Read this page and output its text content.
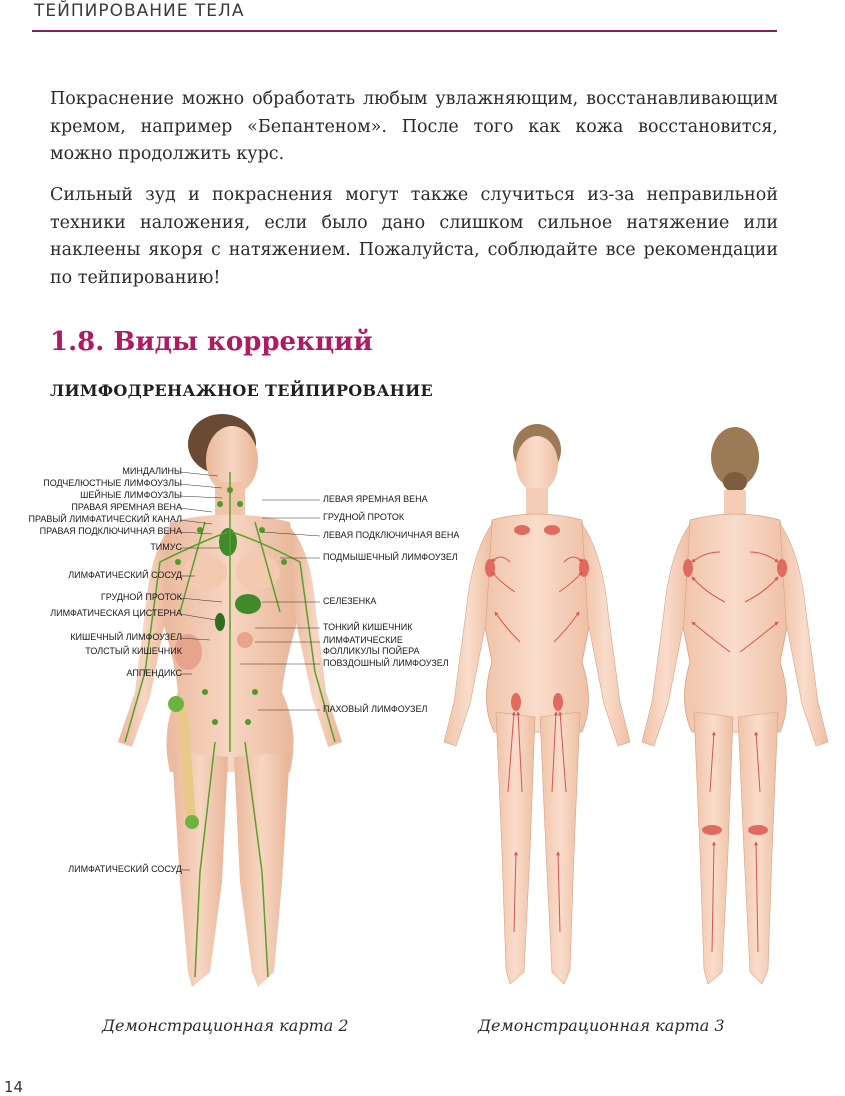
ТЕЙПИРОВАНИЕ ТЕЛА

Покраснение можно обработать любым увлажняющим, восстанавливающим кремом, например «Бепантеном». После того как кожа восстановится, можно продолжить курс.

Сильный зуд и покраснения могут также случиться из-за неправильной техники наложения, если было дано слишком сильное натяжение или наклеены якоря с натяжением. Пожалуйста, соблюдайте все рекомендации по тейпированию!

1.8. Виды коррекций
ЛИМФОДРЕНАЖНОЕ ТЕЙПИРОВАНИЕ
МИНДАЛИНЫ
ПОДЧЕЛЮСТНЫЕ ЛИМФОУЗЛЫ
ШЕЙНЫЕ ЛИМФОУЗЛЫ
ПРАВАЯ ЯРЕМНАЯ ВЕНА
ПРАВЫЙ ЛИМФАТИЧЕСКИЙ КАНАЛ
ПРАВАЯ ПОДКЛЮЧИЧНАЯ ВЕНА
ТИМУС
ЛИМФАТИЧЕСКИЙ СОСУД
ГРУДНОЙ ПРОТОК
ЛИМФАТИЧЕСКАЯ ЦИСТЕРНА
КИШЕЧНЫЙ ЛИМФОУЗЕЛ
ТОЛСТЫЙ КИШЕЧНИК
АППЕНДИКС
ЛИМФАТИЧЕСКИЙ СОСУД
ЛЕВАЯ ЯРЕМНАЯ ВЕНА
ГРУДНОЙ ПРОТОК
ЛЕВАЯ ПОДКЛЮЧИЧНАЯ ВЕНА
ПОДМЫШЕЧНЫЙ ЛИМФОУЗЕЛ
СЕЛЕЗЕНКА
ТОНКИЙ КИШЕЧНИК
ЛИМФАТИЧЕСКИЕ
ФОЛЛИКУЛЫ ПОЙЕРА
ПОВЗДОШНЫЙ ЛИМФОУЗЕЛ
ПАХОВЫЙ ЛИМФОУЗЕЛ
Демонстрационная карта 2	Демонстрационная карта 3
14
